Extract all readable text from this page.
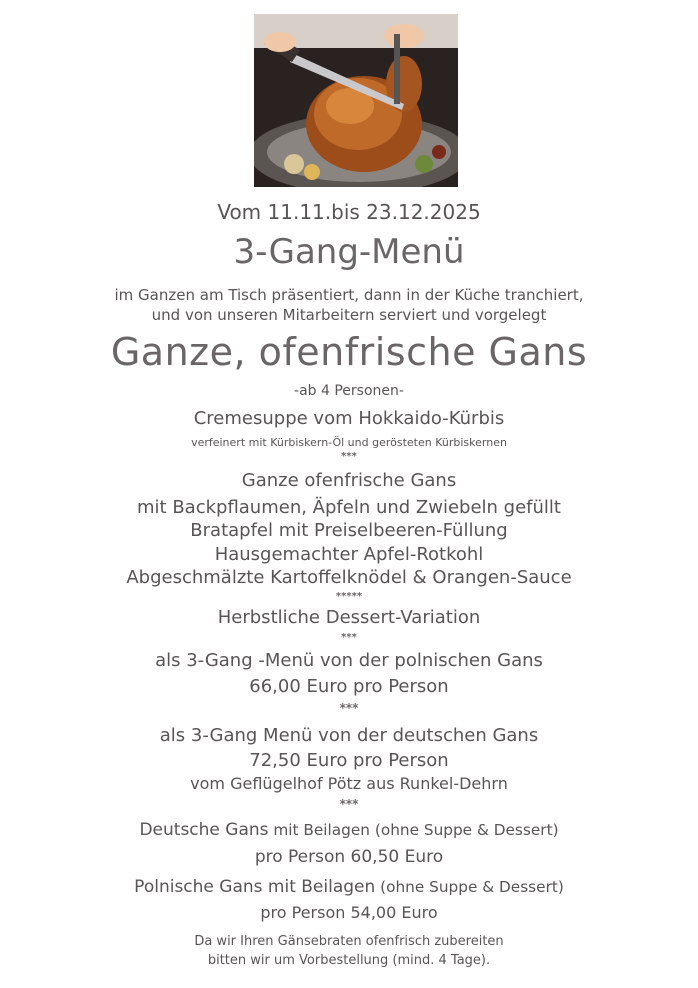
Vom 11.11.bis 23.12.2025
3-Gang-Menü
im Ganzen am Tisch präsentiert, dann in der Küche tranchiert,
und von unseren Mitarbeitern serviert und vorgelegt
Ganze, ofenfrische Gans
-ab 4 Personen-
Cremesuppe vom Hokkaido-Kürbis
verfeinert mit Kürbiskern-Öl und gerösteten Kürbiskernen
***
Ganze ofenfrische Gans
mit Backpflaumen, Äpfeln und Zwiebeln gefüllt
Bratapfel mit Preiselbeeren-Füllung
Hausgemachter Apfel-Rotkohl
Abgeschmälzte Kartoffelknödel & Orangen-Sauce
*****
Herbstliche Dessert-Variation
***
als 3-Gang -Menü von der polnischen Gans
66,00 Euro pro Person
***
als 3-Gang Menü von der deutschen Gans
72,50 Euro pro Person
vom Geflügelhof Pötz aus Runkel-Dehrn
***
Deutsche Gans mit Beilagen (ohne Suppe & Dessert)
pro Person 60,50 Euro
Polnische Gans mit Beilagen (ohne Suppe & Dessert)
pro Person 54,00 Euro
Da wir Ihren Gänsebraten ofenfrisch zubereiten
bitten wir um Vorbestellung (mind. 4 Tage).
